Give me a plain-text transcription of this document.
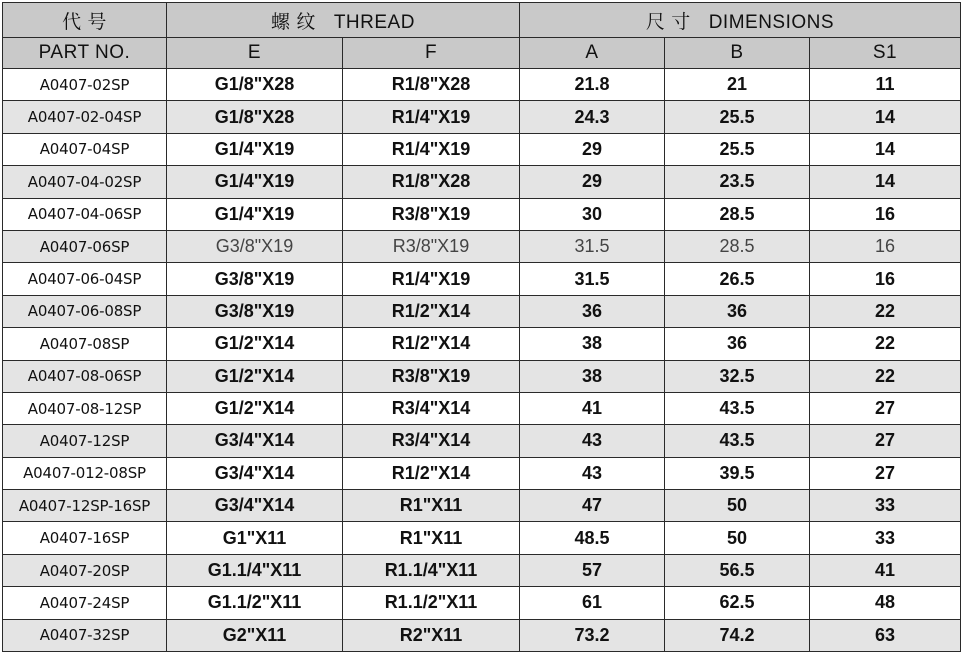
代 号	螺 纹 THREAD		尺 寸 DIMENSIONS		
PART NO.	E	F	A	B	S1
A0407-02SP	G1/8"X28	R1/8"X28	21.8	21	11
A0407-02-04SP	G1/8"X28	R1/4"X19	24.3	25.5	14
A0407-04SP	G1/4"X19	R1/4"X19	29	25.5	14
A0407-04-02SP	G1/4"X19	R1/8"X28	29	23.5	14
A0407-04-06SP	G1/4"X19	R3/8"X19	30	28.5	16
A0407-06SP	G3/8"X19	R3/8"X19	31.5	28.5	16
A0407-06-04SP	G3/8"X19	R1/4"X19	31.5	26.5	16
A0407-06-08SP	G3/8"X19	R1/2"X14	36	36	22
A0407-08SP	G1/2"X14	R1/2"X14	38	36	22
A0407-08-06SP	G1/2"X14	R3/8"X19	38	32.5	22
A0407-08-12SP	G1/2"X14	R3/4"X14	41	43.5	27
A0407-12SP	G3/4"X14	R3/4"X14	43	43.5	27
A0407-012-08SP	G3/4"X14	R1/2"X14	43	39.5	27
A0407-12SP-16SP	G3/4"X14	R1"X11	47	50	33
A0407-16SP	G1"X11	R1"X11	48.5	50	33
A0407-20SP	G1.1/4"X11	R1.1/4"X11	57	56.5	41
A0407-24SP	G1.1/2"X11	R1.1/2"X11	61	62.5	48
A0407-32SP	G2"X11	R2"X11	73.2	74.2	63
